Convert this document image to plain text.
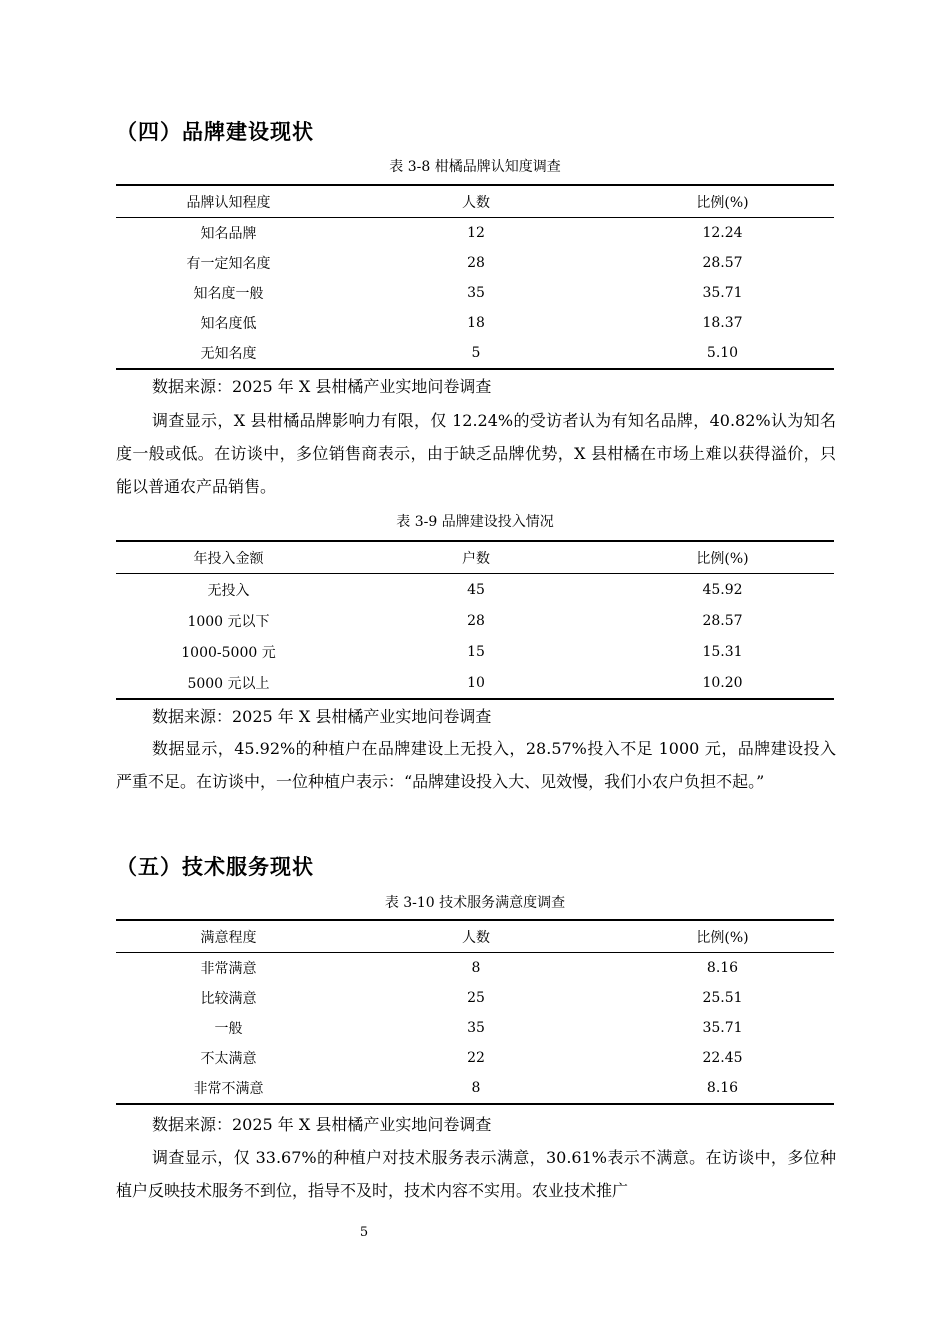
（四）品牌建设现状
表 3-8 柑橘品牌认知度调查
品牌认知程度	人数	比例(%)
知名品牌	12	12.24
有一定知名度	28	28.57
知名度一般	35	35.71
知名度低	18	18.37
无知名度	5	5.10
数据来源：2025 年 X 县柑橘产业实地问卷调查

调查显示，X 县柑橘品牌影响力有限，仅 12.24%的受访者认为有知名品牌，40.82%认为知名度一般或低。在访谈中，多位销售商表示，由于缺乏品牌优势，X 县柑橘在市场上难以获得溢价，只能以普通农产品销售。

表 3-9 品牌建设投入情况
年投入金额	户数	比例(%)
无投入	45	45.92
1000 元以下	28	28.57
1000-5000 元	15	15.31
5000 元以上	10	10.20
数据来源：2025 年 X 县柑橘产业实地问卷调查

数据显示，45.92%的种植户在品牌建设上无投入，28.57%投入不足 1000 元，品牌建设投入严重不足。在访谈中，一位种植户表示：“品牌建设投入大、见效慢，我们小农户负担不起。”

（五）技术服务现状
表 3-10 技术服务满意度调查
满意程度	人数	比例(%)
非常满意	8	8.16
比较满意	25	25.51
一般	35	35.71
不太满意	22	22.45
非常不满意	8	8.16
数据来源：2025 年 X 县柑橘产业实地问卷调查

调查显示，仅 33.67%的种植户对技术服务表示满意，30.61%表示不满意。在访谈中，多位种植户反映技术服务不到位，指导不及时，技术内容不实用。农业技术推广

5
